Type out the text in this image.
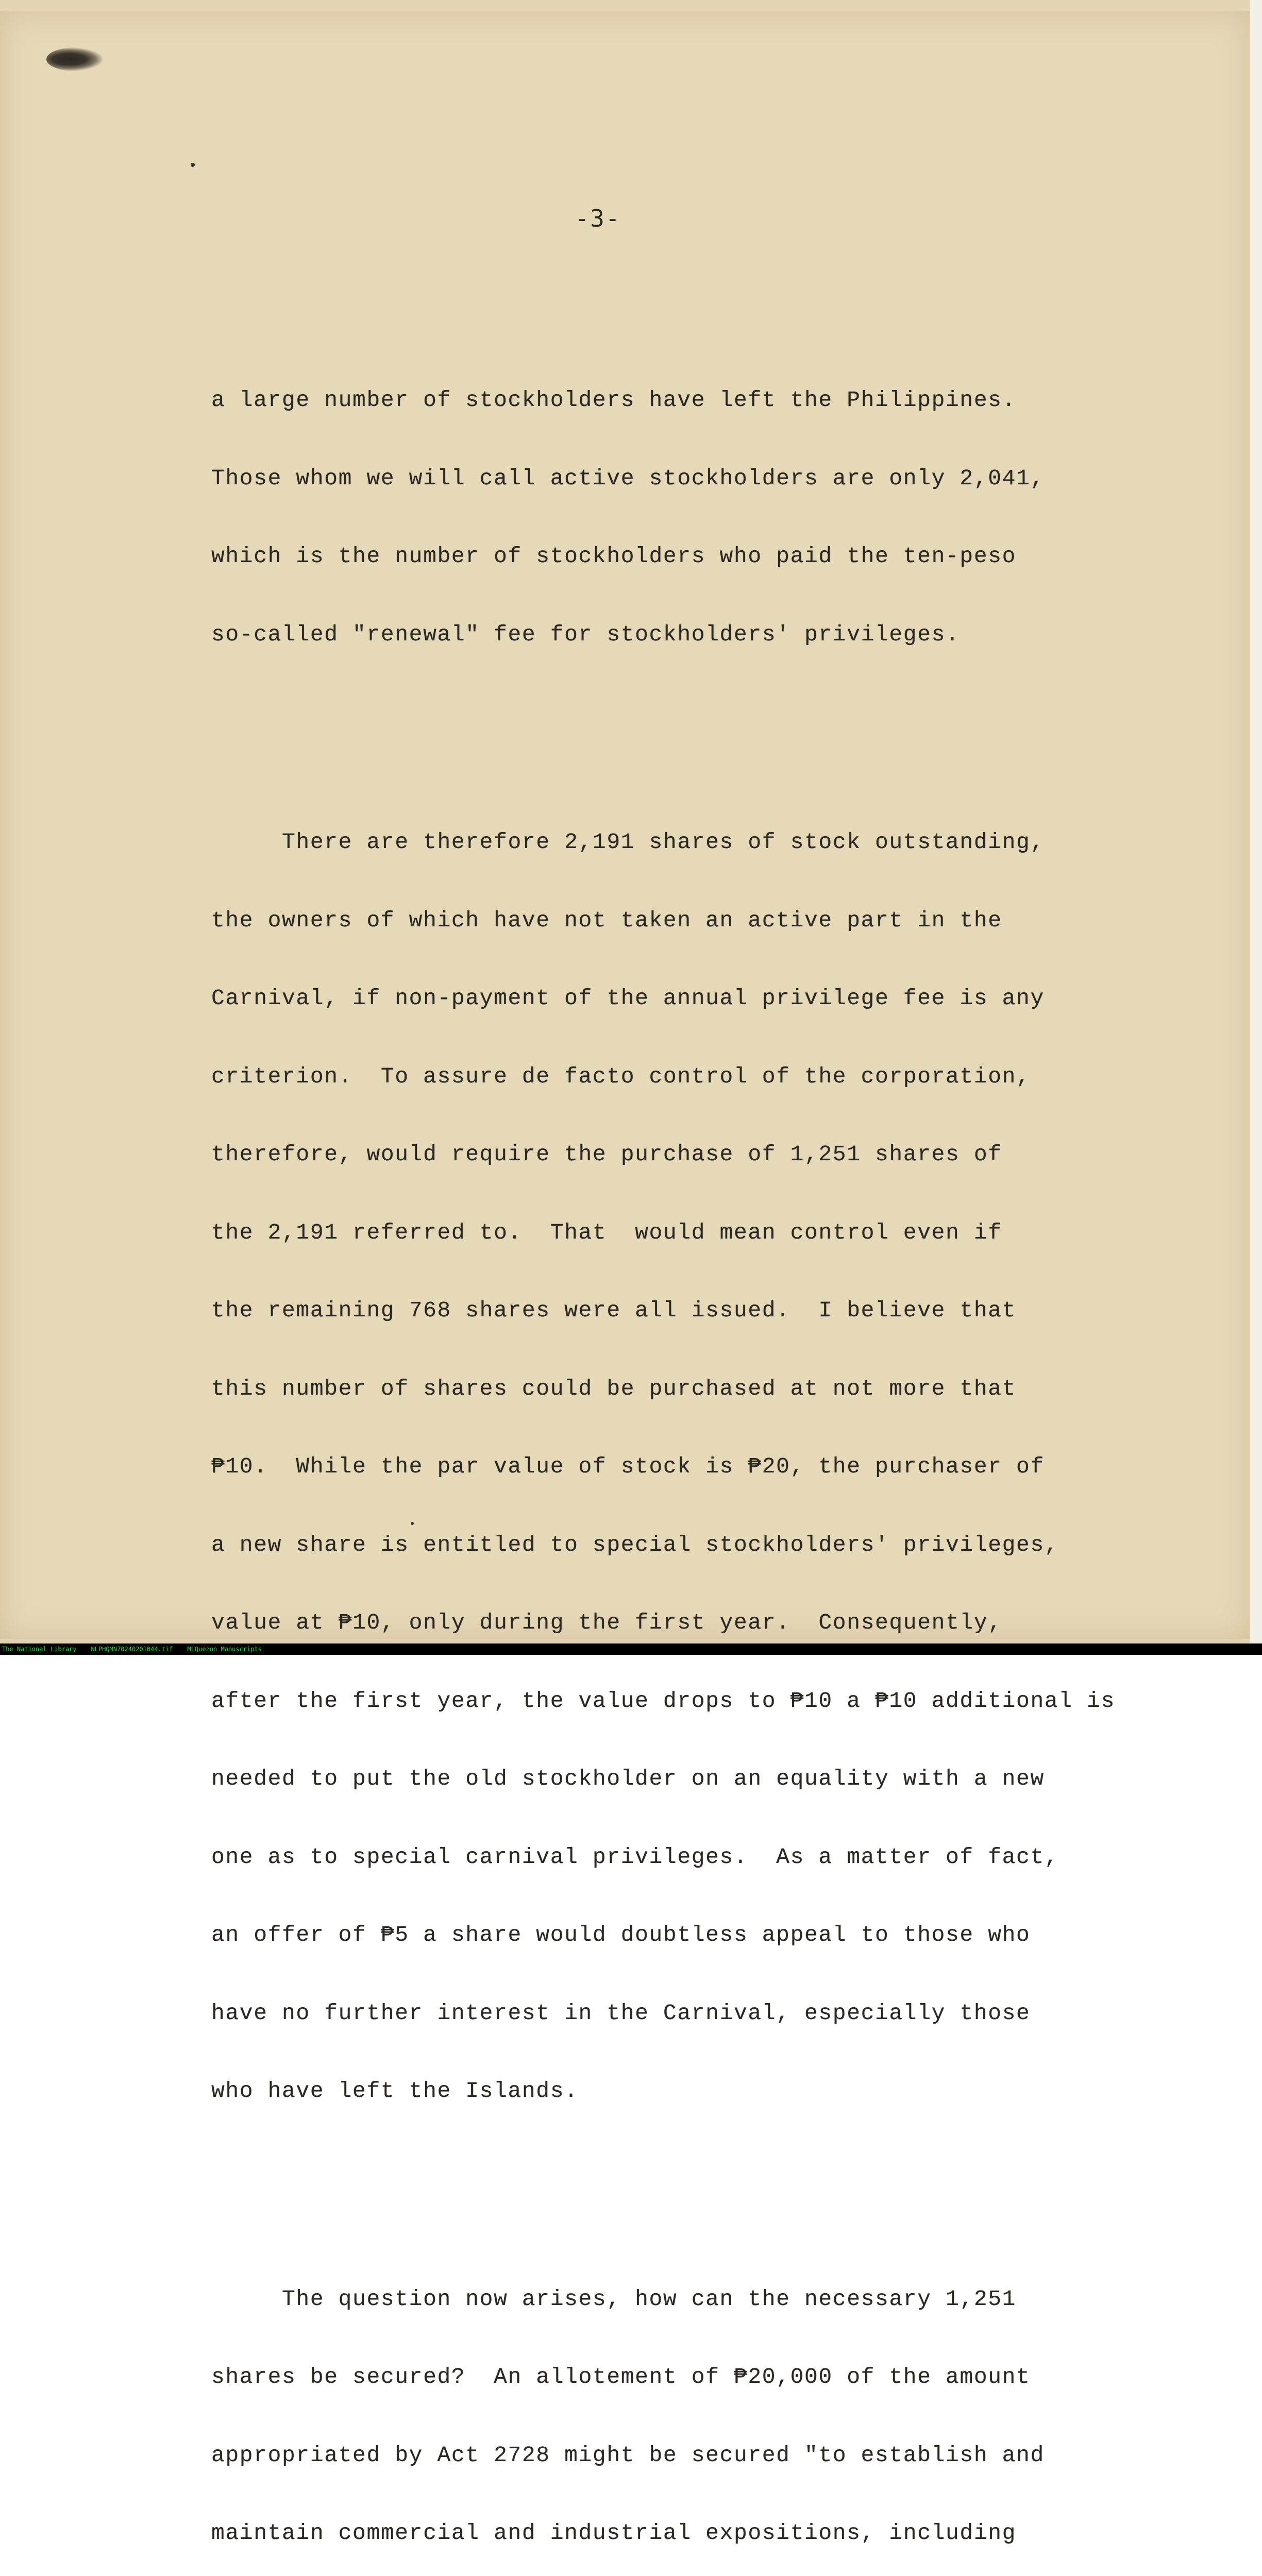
-3-

a large number of stockholders have left the Philippines.

Those whom we will call active stockholders are only 2,041,

which is the number of stockholders who paid the ten-peso

so-called "renewal" fee for stockholders' privileges.

There are therefore 2,191 shares of stock outstanding,

the owners of which have not taken an active part in the

Carnival, if non-payment of the annual privilege fee is any

criterion.  To assure de facto control of the corporation,

therefore, would require the purchase of 1,251 shares of

the 2,191 referred to.  That  would mean control even if

the remaining 768 shares were all issued.  I believe that

this number of shares could be purchased at not more that

₱10.  While the par value of stock is ₱20, the purchaser of

a new share is entitled to special stockholders' privileges,

value at ₱10, only during the first year.  Consequently,

after the first year, the value drops to ₱10 a ₱10 additional is

needed to put the old stockholder on an equality with a new

one as to special carnival privileges.  As a matter of fact,

an offer of ₱5 a share would doubtless appeal to those who

have no further interest in the Carnival, especially those

who have left the Islands.

The question now arises, how can the necessary 1,251

shares be secured?  An allotement of ₱20,000 of the amount

appropriated by Act 2728 might be secured "to establish and

maintain commercial and industrial expositions, including

The National Library NLPHQMN70240201044.tif MLQuezon Manuscripts
